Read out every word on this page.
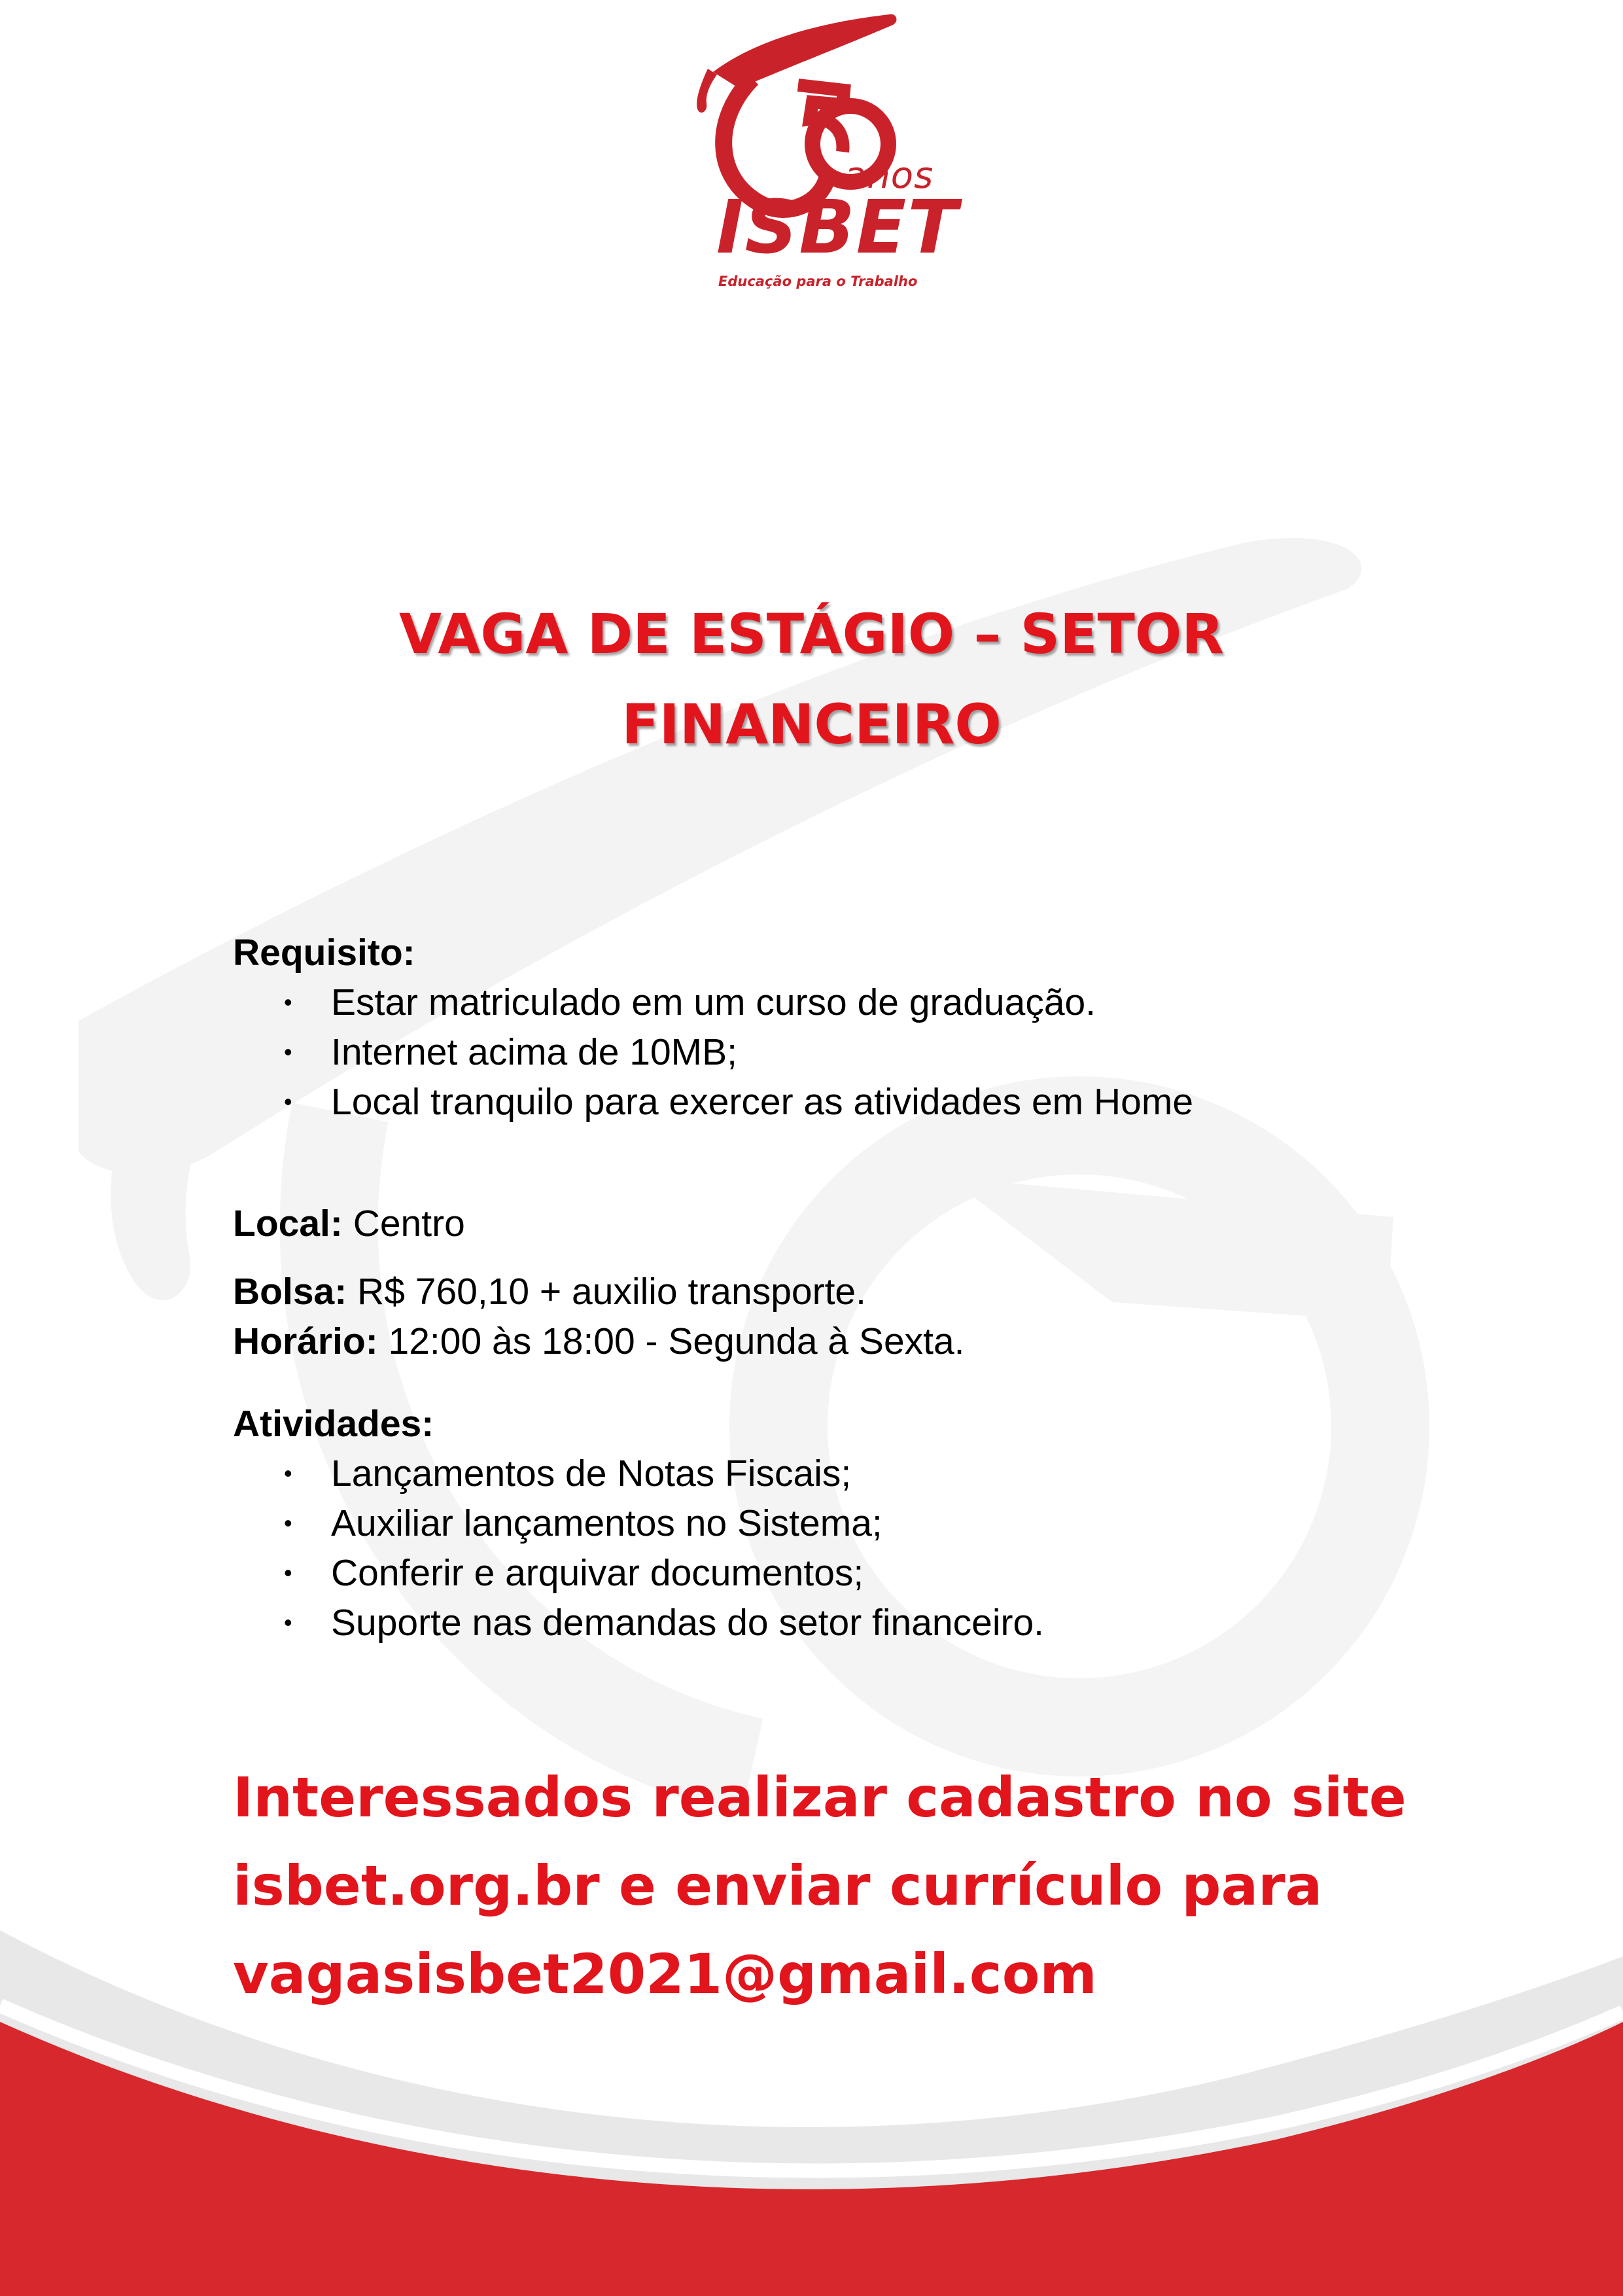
anos
ISBET
Educação para o Trabalho
VAGA DE ESTÁGIO – SETOR
FINANCEIRO
Requisito:
• Estar matriculado em um curso de graduação.
• Internet acima de 10MB;
• Local tranquilo para exercer as atividades em Home
Local: Centro
Bolsa: R$ 760,10 + auxilio transporte.
Horário: 12:00 às 18:00 - Segunda à Sexta.
Atividades:
• Lançamentos de Notas Fiscais;
• Auxiliar lançamentos no Sistema;
• Conferir e arquivar documentos;
• Suporte nas demandas do setor financeiro.
Interessados realizar cadastro no site
isbet.org.br e enviar currículo para
vagasisbet2021@gmail.com
